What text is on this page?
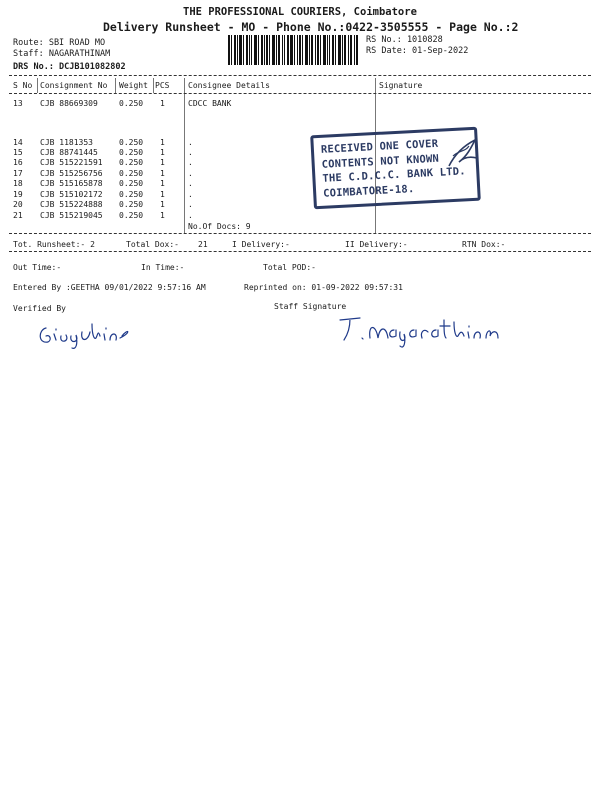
THE PROFESSIONAL COURIERS, Coimbatore
Delivery Runsheet - MO - Phone No.:0422-3505555 - Page No.:2
Route: SBI ROAD MO
Staff: NAGARATHINAM
DRS No.: DCJB101082802
RS No.: 1010828
RS Date: 01-Sep-2022
S No Consignment No Weight PCS Consignee Details	Signature
13 CJB 88669309	0.250 1	CDCC BANK
14 CJB 1181353	0.250 1	.
15 CJB 88741445	0.250 1	.
16 CJB 515221591 0.250 1	.
17 CJB 515256756 0.250 1	.
18 CJB 515165878 0.250 1	.
19 CJB 515102172 0.250 1	.
20 CJB 515224888 0.250 1	.
21 CJB 515219045 0.250 1	.
No.Of Docs: 9
RECEIVED ONE COVER
CONTENTS NOT KNOWN
THE C.D.C.C. BANK LTD.
COIMBATORE-18.
Tot. Runsheet:- 2	Total Dox:- 21	I Delivery:-	II Delivery:-	RTN Dox:-
Out Time:-	In Time:-	Total POD:-
Entered By :GEETHA 09/01/2022 9:57:16 AM	Reprinted on: 01-09-2022 09:57:31
Verified By	Staff Signature
